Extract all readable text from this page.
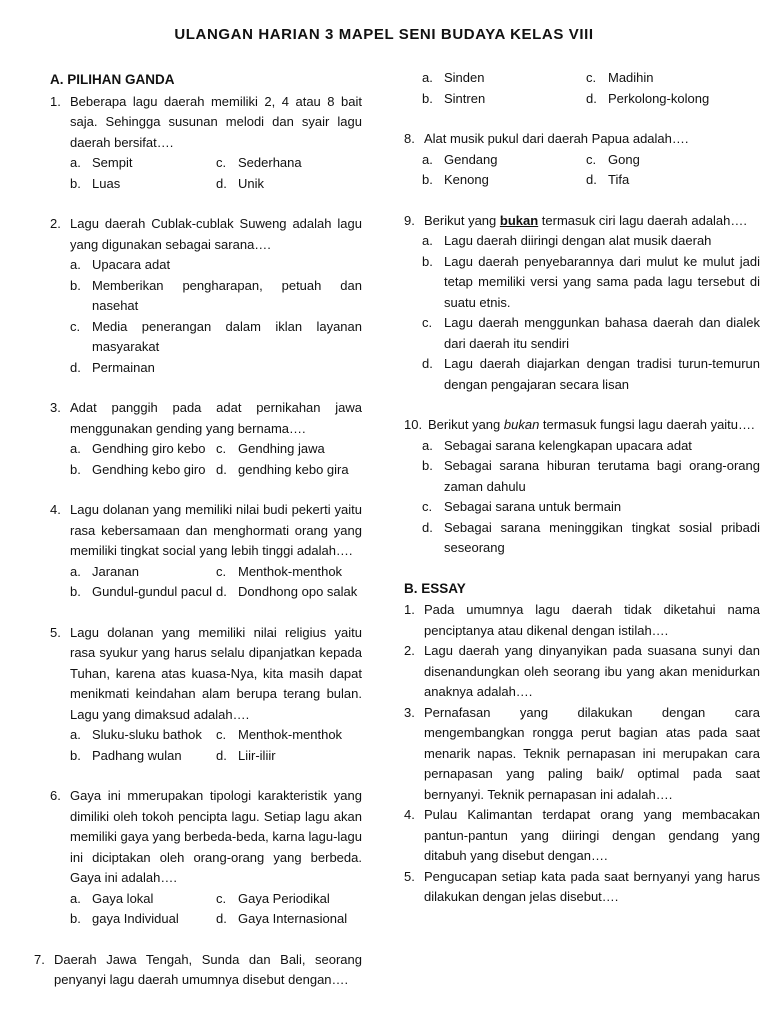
ULANGAN HARIAN 3 MAPEL SENI BUDAYA KELAS VIII
A. PILIHAN GANDA
1. Beberapa lagu daerah memiliki 2, 4 atau 8 bait saja. Sehingga susunan melodi dan syair lagu daerah bersifat….
a. Sempit	c. Sederhana
b. Luas	d. Unik
2. Lagu daerah Cublak-cublak Suweng adalah lagu yang digunakan sebagai sarana….
a. Upacara adat
b. Memberikan pengharapan, petuah dan nasehat
c. Media penerangan dalam iklan layanan masyarakat
d. Permainan
3. Adat panggih pada adat pernikahan jawa menggunakan gending yang bernama….
a. Gendhing giro kebo c. Gendhing jawa
b. Gendhing kebo giro d. gendhing kebo gira
4. Lagu dolanan yang memiliki nilai budi pekerti yaitu rasa kebersamaan dan menghormati orang yang memiliki tingkat social yang lebih tinggi adalah….
a. Jaranan	c. Menthok-menthok
b. Gundul-gundul pacul d. Dondhong opo salak
5. Lagu dolanan yang memiliki nilai religius yaitu rasa syukur yang harus selalu dipanjatkan kepada Tuhan, karena atas kuasa-Nya, kita masih dapat menikmati keindahan alam berupa terang bulan. Lagu yang dimaksud adalah….
a. Sluku-sluku bathok c. Menthok-menthok
b. Padhang wulan	d. Liir-iliir
6. Gaya ini mmerupakan tipologi karakteristik yang dimiliki oleh tokoh pencipta lagu. Setiap lagu akan memiliki gaya yang berbeda-beda, karna lagu-lagu ini diciptakan oleh orang-orang yang berbeda. Gaya ini adalah….
a. Gaya lokal	c. Gaya Periodikal
b. gaya Individual	d. Gaya Internasional
7. Daerah Jawa Tengah, Sunda dan Bali, seorang penyanyi lagu daerah umumnya disebut dengan….
a. Sinden	c. Madihin
b. Sintren	d. Perkolong-kolong
8. Alat musik pukul dari daerah Papua adalah….
a. Gendang	c. Gong
b. Kenong	d. Tifa
9. Berikut yang bukan termasuk ciri lagu daerah adalah….
a. Lagu daerah diiringi dengan alat musik daerah
b. Lagu daerah penyebarannya dari mulut ke mulut jadi tetap memiliki versi yang sama pada lagu tersebut di suatu etnis.
c. Lagu daerah menggunkan bahasa daerah dan dialek dari daerah itu sendiri
d. Lagu daerah diajarkan dengan tradisi turun-temurun dengan pengajaran secara lisan
10. Berikut yang bukan termasuk fungsi lagu daerah yaitu….
a. Sebagai sarana kelengkapan upacara adat
b. Sebagai sarana hiburan terutama bagi orang-orang zaman dahulu
c. Sebagai sarana untuk bermain
d. Sebagai sarana meninggikan tingkat sosial pribadi seseorang
B. ESSAY
1. Pada umumnya lagu daerah tidak diketahui nama penciptanya atau dikenal dengan istilah….
2. Lagu daerah yang dinyanyikan pada suasana sunyi dan disenandungkan oleh seorang ibu yang akan menidurkan anaknya adalah….
3. Pernafasan yang dilakukan dengan cara mengembangkan rongga perut bagian atas pada saat menarik napas. Teknik pernapasan ini merupakan cara pernapasan yang paling baik/ optimal pada saat bernyanyi. Teknik pernapasan ini adalah….
4. Pulau Kalimantan terdapat orang yang membacakan pantun-pantun yang diiringi dengan gendang yang ditabuh yang disebut dengan….
5. Pengucapan setiap kata pada saat bernyanyi yang harus dilakukan dengan jelas disebut….
